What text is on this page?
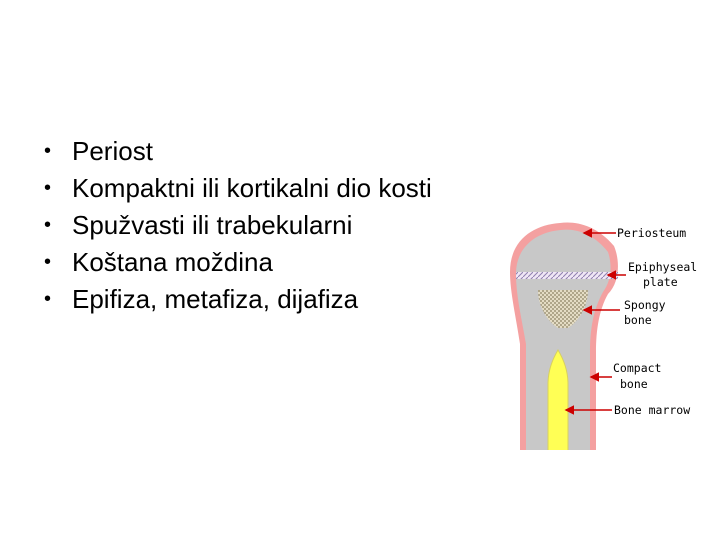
• Periost
• Kompaktni ili kortikalni dio kosti
• Spužvasti ili trabekularni
• Koštana moždina
• Epifiza, metafiza, dijafiza
Periosteum
Epiphyseal
plate
Spongy
bone
Compact
bone
Bone marrow
